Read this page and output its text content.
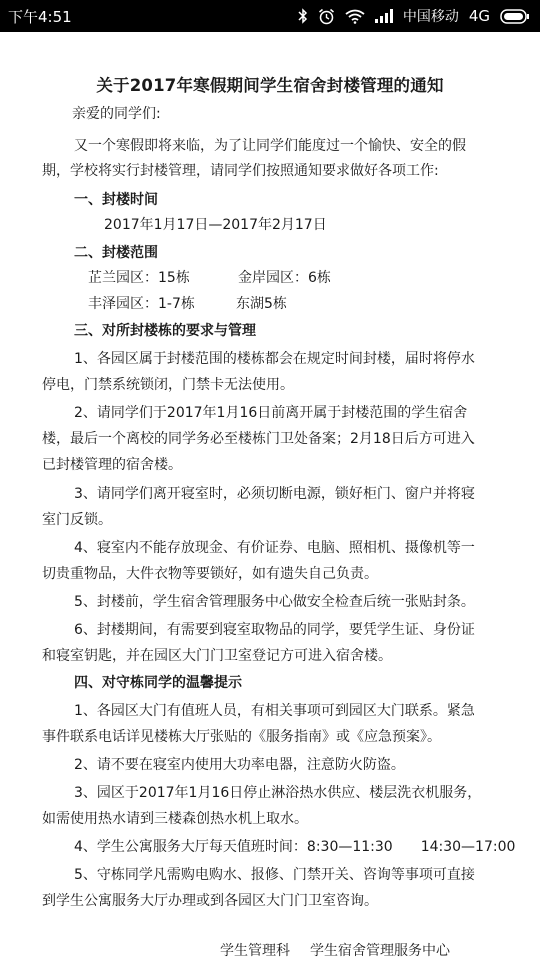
下午4:51	中国移动 4G
关于2017年寒假期间学生宿舍封楼管理的通知
亲爱的同学们:
又一个寒假即将来临，为了让同学们能度过一个愉快、安全的假
期，学校将实行封楼管理，请同学们按照通知要求做好各项工作:
一、封楼时间
2017年1月17日—2017年2月17日
二、封楼范围
芷兰园区：15栋	金岸园区：6栋
丰泽园区：1-7栋	东湖5栋
三、对所封楼栋的要求与管理
1、各园区属于封楼范围的楼栋都会在规定时间封楼，届时将停水
停电，门禁系统锁闭，门禁卡无法使用。
2、请同学们于2017年1月16日前离开属于封楼范围的学生宿舍
楼，最后一个离校的同学务必至楼栋门卫处备案；2月18日后方可进入
已封楼管理的宿舍楼。
3、请同学们离开寝室时，必须切断电源，锁好柜门、窗户并将寝
室门反锁。
4、寝室内不能存放现金、有价证券、电脑、照相机、摄像机等一
切贵重物品，大件衣物等要锁好，如有遗失自己负责。
5、封楼前，学生宿舍管理服务中心做安全检查后统一张贴封条。
6、封楼期间，有需要到寝室取物品的同学，要凭学生证、身份证
和寝室钥匙，并在园区大门门卫室登记方可进入宿舍楼。
四、对守栋同学的温馨提示
1、各园区大门有值班人员，有相关事项可到园区大门联系。紧急
事件联系电话详见楼栋大厅张贴的《服务指南》或《应急预案》。
2、请不要在寝室内使用大功率电器，注意防火防盗。
3、园区于2017年1月16日停止淋浴热水供应、楼层洗衣机服务，
如需使用热水请到三楼森创热水机上取水。
4、学生公寓服务大厅每天值班时间：8:30—11:30　　14:30—17:00
5、守栋同学凡需购电购水、报修、门禁开关、咨询等事项可直接
到学生公寓服务大厅办理或到各园区大门门卫室咨询。
学生管理科 学生宿舍管理服务中心
